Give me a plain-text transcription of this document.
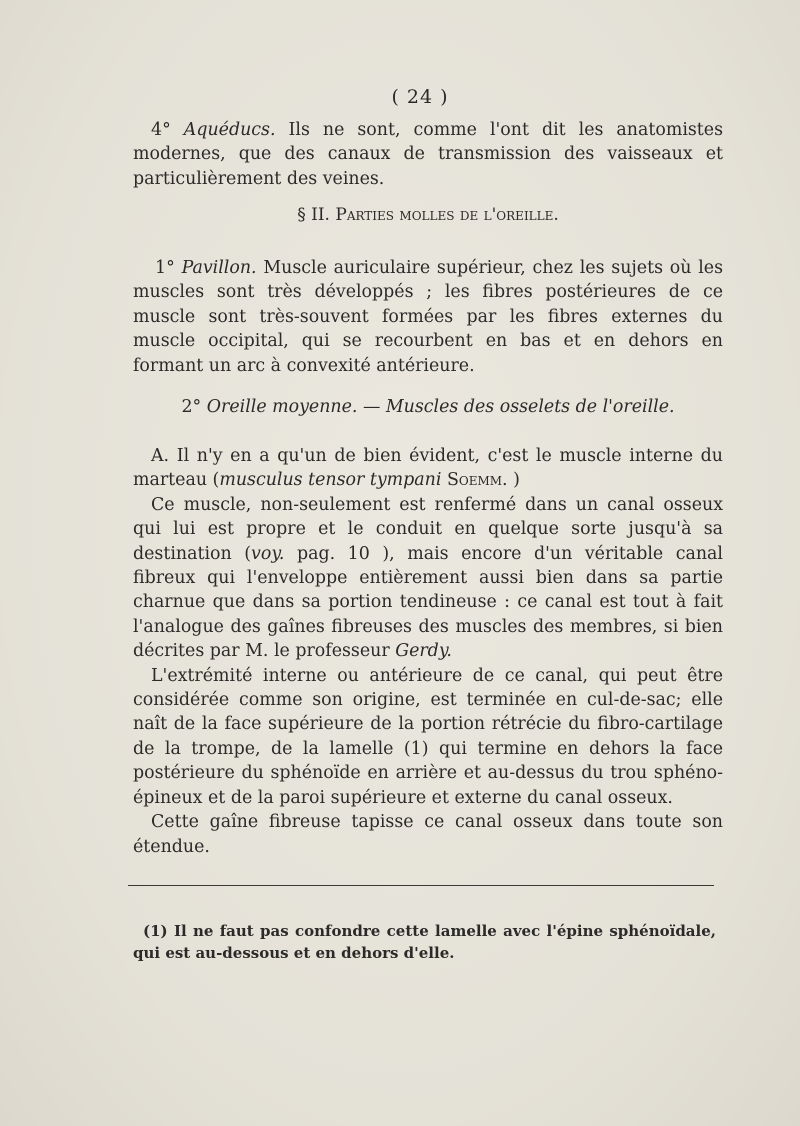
( 24 )

4° Aquéducs. Ils ne sont, comme l'ont dit les anatomistes modernes, que des canaux de transmission des vaisseaux et particulièrement des veines.

§ II. Parties molles de l'oreille.

1° Pavillon. Muscle auriculaire supérieur, chez les sujets où les muscles sont très développés ; les fibres postérieures de ce muscle sont très-souvent formées par les fibres externes du muscle occipital, qui se recourbent en bas et en dehors en formant un arc à convexité antérieure.

2° Oreille moyenne. — Muscles des osselets de l'oreille.

A. Il n'y en a qu'un de bien évident, c'est le muscle interne du marteau (musculus tensor tympani Soemm. )

Ce muscle, non-seulement est renfermé dans un canal osseux qui lui est propre et le conduit en quelque sorte jusqu'à sa destination (voy. pag. 10 ), mais encore d'un véritable canal fibreux qui l'enveloppe entièrement aussi bien dans sa partie charnue que dans sa portion tendineuse : ce canal est tout à fait l'analogue des gaînes fibreuses des muscles des membres, si bien décrites par M. le professeur Gerdy.

L'extrémité interne ou antérieure de ce canal, qui peut être considérée comme son origine, est terminée en cul-de-sac; elle naît de la face supérieure de la portion rétrécie du fibro-cartilage de la trompe, de la lamelle (1) qui termine en dehors la face postérieure du sphénoïde en arrière et au-dessus du trou sphéno-épineux et de la paroi supérieure et externe du canal osseux.

Cette gaîne fibreuse tapisse ce canal osseux dans toute son étendue.

(1) Il ne faut pas confondre cette lamelle avec l'épine sphénoïdale, qui est au-dessous et en dehors d'elle.
